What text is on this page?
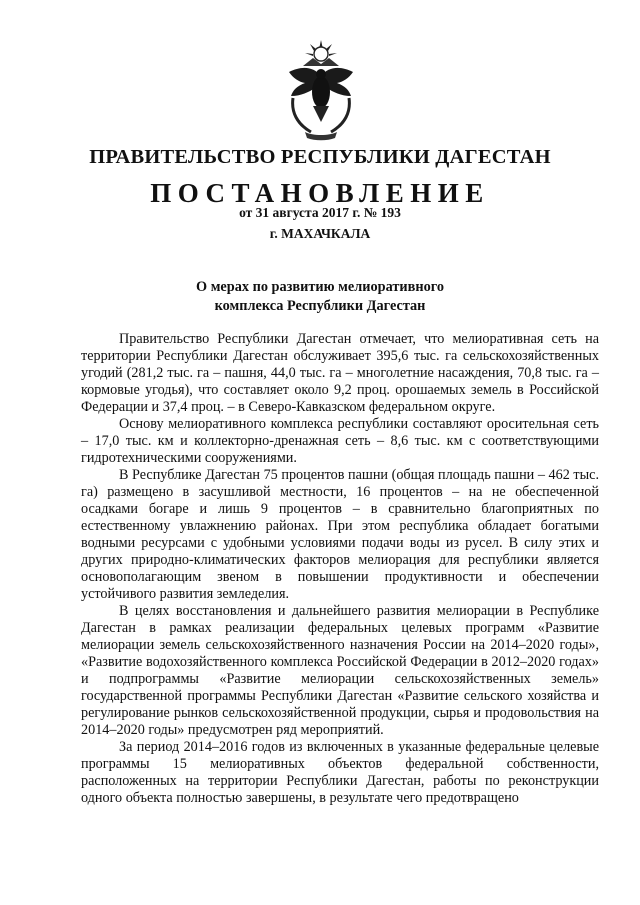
ПРАВИТЕЛЬСТВО РЕСПУБЛИКИ ДАГЕСТАН
ПОСТАНОВЛЕНИЕ
от 31 августа 2017 г. № 193
г. МАХАЧКАЛА
О мерах по развитию мелиоративного
комплекса Республики Дагестан

Правительство Республики Дагестан отмечает, что мелиоративная сеть на территории Республики Дагестан обслуживает 395,6 тыс. га сельскохозяйственных угодий (281,2 тыс. га – пашня, 44,0 тыс. га – многолетние насаждения, 70,8 тыс. га – кормовые угодья), что составляет около 9,2 проц. орошаемых земель в Российской Федерации и 37,4 проц. – в Северо-Кавказском федеральном округе.

Основу мелиоративного комплекса республики составляют оросительная сеть – 17,0 тыс. км и коллекторно-дренажная сеть – 8,6 тыс. км с соответствующими гидротехническими сооружениями.

В Республике Дагестан 75 процентов пашни (общая площадь пашни – 462 тыс. га) размещено в засушливой местности, 16 процентов – на не обеспеченной осадками богаре и лишь 9 процентов – в сравнительно благоприятных по естественному увлажнению районах. При этом республика обладает богатыми водными ресурсами с удобными условиями подачи воды из русел. В силу этих и других природно-климатических факторов мелиорация для республики является основополагающим звеном в повышении продуктивности и обеспечении устойчивого развития земледелия.

В целях восстановления и дальнейшего развития мелиорации в Республике Дагестан в рамках реализации федеральных целевых программ «Развитие мелиорации земель сельскохозяйственного назначения России на 2014–2020 годы», «Развитие водохозяйственного комплекса Российской Федерации в 2012–2020 годах» и подпрограммы «Развитие мелиорации сельскохозяйственных земель» государственной программы Республики Дагестан «Развитие сельского хозяйства и регулирование рынков сельскохозяйственной продукции, сырья и продовольствия на 2014–2020 годы» предусмотрен ряд мероприятий.

За период 2014–2016 годов из включенных в указанные федеральные целевые программы 15 мелиоративных объектов федеральной собственности, расположенных на территории Республики Дагестан, работы по реконструкции одного объекта полностью завершены, в результате чего предотвращено
